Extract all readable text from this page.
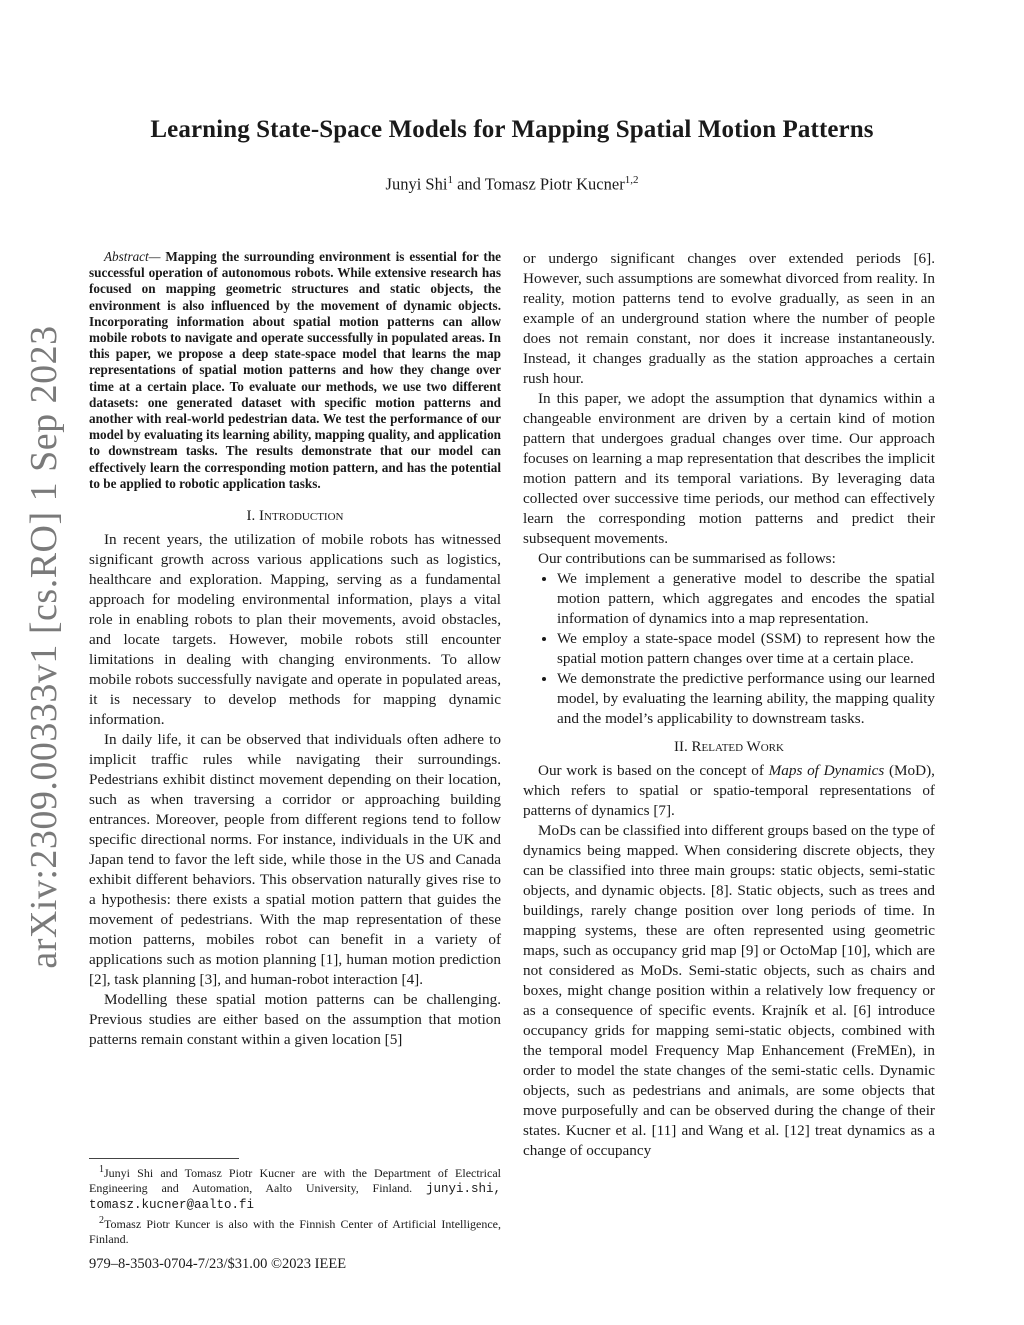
Learning State-Space Models for Mapping Spatial Motion Patterns
Junyi Shi$^1$ and Tomasz Piotr Kucner$^{1,2}$
arXiv:2309.00333v1 [cs.RO] 1 Sep 2023

Abstract— Mapping the surrounding environment is essential for the successful operation of autonomous robots. While extensive research has focused on mapping geometric structures and static objects, the environment is also influenced by the movement of dynamic objects. Incorporating information about spatial motion patterns can allow mobile robots to navigate and operate successfully in populated areas. In this paper, we propose a deep state-space model that learns the map representations of spatial motion patterns and how they change over time at a certain place. To evaluate our methods, we use two different datasets: one generated dataset with specific motion patterns and another with real-world pedestrian data. We test the performance of our model by evaluating its learning ability, mapping quality, and application to downstream tasks. The results demonstrate that our model can effectively learn the corresponding motion pattern, and has the potential to be applied to robotic application tasks.

I. Introduction

In recent years, the utilization of mobile robots has witnessed significant growth across various applications such as logistics, healthcare and exploration. Mapping, serving as a fundamental approach for modeling environmental information, plays a vital role in enabling robots to plan their movements, avoid obstacles, and locate targets. However, mobile robots still encounter limitations in dealing with changing environments. To allow mobile robots successfully navigate and operate in populated areas, it is necessary to develop methods for mapping dynamic information.

In daily life, it can be observed that individuals often adhere to implicit traffic rules while navigating their surroundings. Pedestrians exhibit distinct movement depending on their location, such as when traversing a corridor or approaching building entrances. Moreover, people from different regions tend to follow specific directional norms. For instance, individuals in the UK and Japan tend to favor the left side, while those in the US and Canada exhibit different behaviors. This observation naturally gives rise to a hypothesis: there exists a spatial motion pattern that guides the movement of pedestrians. With the map representation of these motion patterns, mobiles robot can benefit in a variety of applications such as motion planning [1], human motion prediction [2], task planning [3], and human-robot interaction [4].

Modelling these spatial motion patterns can be challenging. Previous studies are either based on the assumption that motion patterns remain constant within a given location [5]

$^1$Junyi Shi and Tomasz Piotr Kucner are with the Department of Electrical Engineering and Automation, Aalto University, Finland. junyi.shi, tomasz.kucner@aalto.fi

$^2$Tomasz Piotr Kuncer is also with the Finnish Center of Artificial Intelligence, Finland.

979–8-3503-0704-7/23/$31.00 ©2023 IEEE

or undergo significant changes over extended periods [6]. However, such assumptions are somewhat divorced from reality. In reality, motion patterns tend to evolve gradually, as seen in an example of an underground station where the number of people does not remain constant, nor does it increase instantaneously. Instead, it changes gradually as the station approaches a certain rush hour.

In this paper, we adopt the assumption that dynamics within a changeable environment are driven by a certain kind of motion pattern that undergoes gradual changes over time. Our approach focuses on learning a map representation that describes the implicit motion pattern and its temporal variations. By leveraging data collected over successive time periods, our method can effectively learn the corresponding motion patterns and predict their subsequent movements.

Our contributions can be summarised as follows:

• We implement a generative model to describe the spatial motion pattern, which aggregates and encodes the spatial information of dynamics into a map representation.
• We employ a state-space model (SSM) to represent how the spatial motion pattern changes over time at a certain place.
• We demonstrate the predictive performance using our learned model, by evaluating the learning ability, the mapping quality and the model’s applicability to downstream tasks.
II. Related Work

Our work is based on the concept of Maps of Dynamics (MoD), which refers to spatial or spatio-temporal representations of patterns of dynamics [7].

MoDs can be classified into different groups based on the type of dynamics being mapped. When considering discrete objects, they can be classified into three main groups: static objects, semi-static objects, and dynamic objects. [8]. Static objects, such as trees and buildings, rarely change position over long periods of time. In mapping systems, these are often represented using geometric maps, such as occupancy grid map [9] or OctoMap [10], which are not considered as MoDs. Semi-static objects, such as chairs and boxes, might change position within a relatively low frequency or as a consequence of specific events. Krajník et al. [6] introduce occupancy grids for mapping semi-static objects, combined with the temporal model Frequency Map Enhancement (FreMEn), in order to model the state changes of the semi-static cells. Dynamic objects, such as pedestrians and animals, are some objects that move purposefully and can be observed during the change of their states. Kucner et al. [11] and Wang et al. [12] treat dynamics as a change of occupancy
